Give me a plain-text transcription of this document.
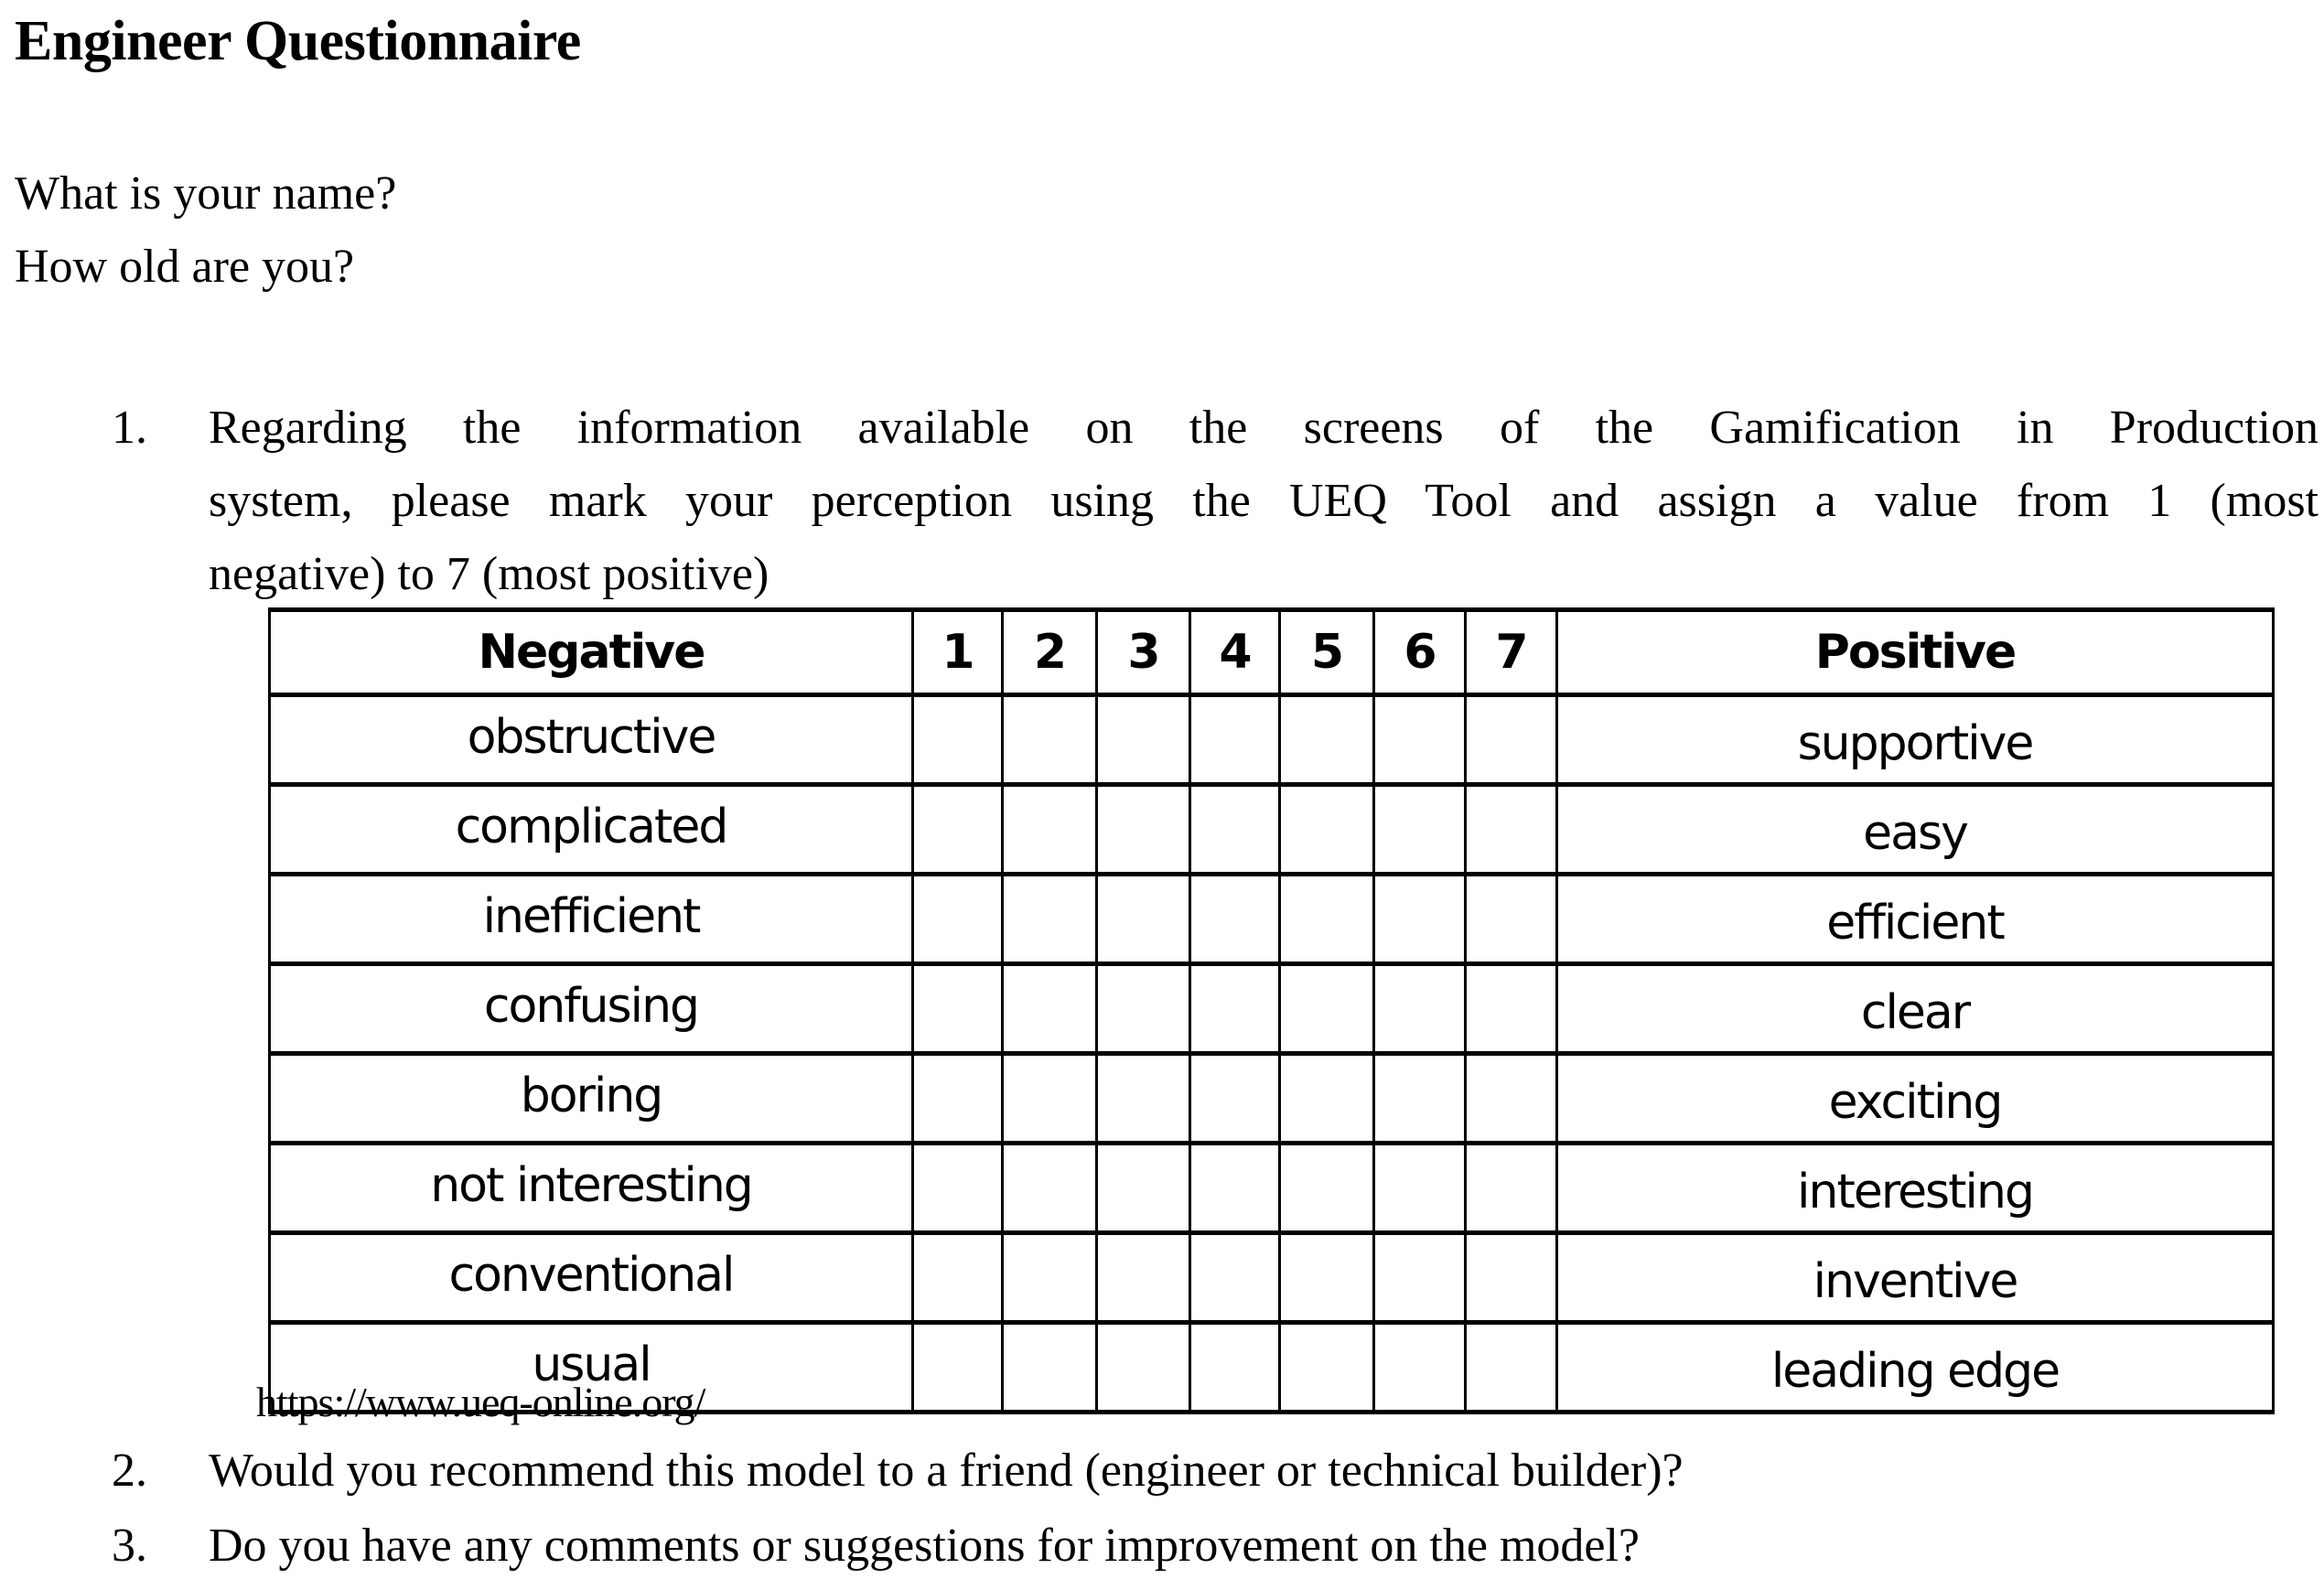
Engineer Questionnaire
What is your name?
How old are you?
1. Regarding the information available on the screens of the Gamification in Production
system, please mark your perception using the UEQ Tool and assign a value from 1 (most
negative) to 7 (most positive)
Negative	1	2	3	4	5	6	7	Positive
obstructive								supportive
complicated								easy
inefficient								efficient
confusing								clear
boring								exciting
not interesting								interesting
conventional								inventive
usual								leading edge
https://www.ueq-online.org/
2. Would you recommend this model to a friend (engineer or technical builder)?
3. Do you have any comments or suggestions for improvement on the model?
